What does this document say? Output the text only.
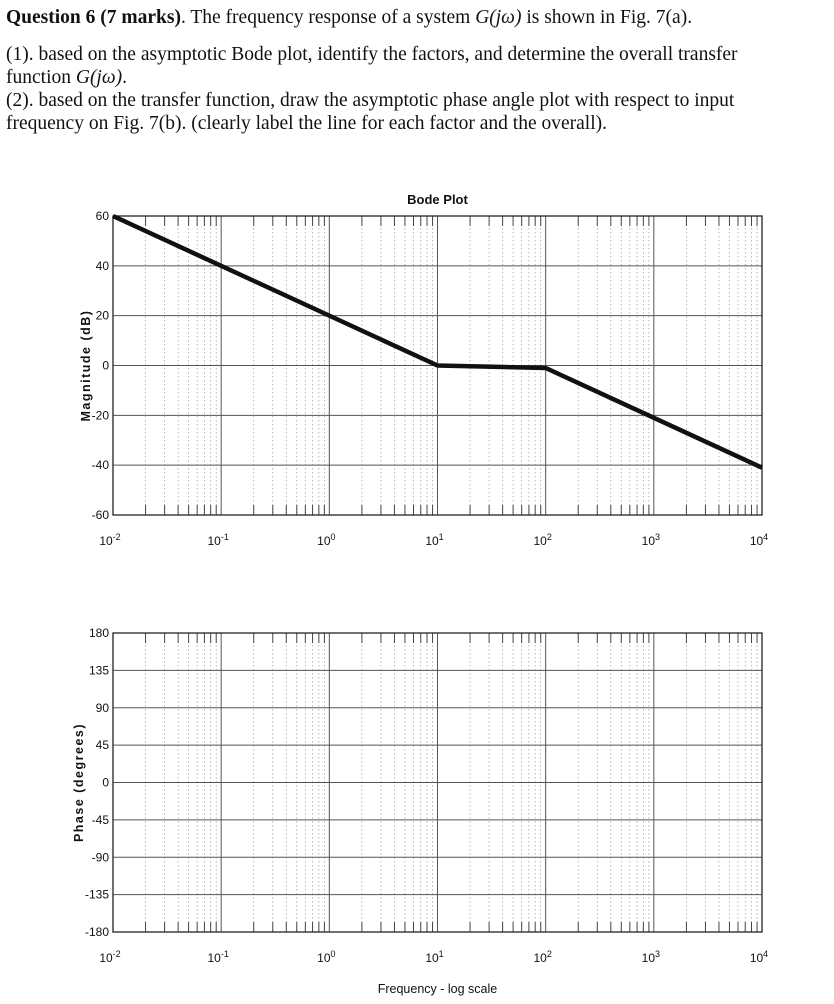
Question 6 (7 marks). The frequency response of a system G(jω) is shown in Fig. 7(a).
(1). based on the asymptotic Bode plot, identify the factors, and determine the overall transfer
function G(jω).
(2). based on the transfer function, draw the asymptotic phase angle plot with respect to input
frequency on Fig. 7(b). (clearly label the line for each factor and the overall).
60
40
20
0
-20
-40
-60
$10^{-2}$	$10^{-1}$	$10^0$	$10^1$	$10^2$	$10^3$	$10^4$
Bode Plot
Magnitude (dB)
180
135
90
45
0
-45
-90
-135
-180
$10^{-2}$	$10^{-1}$	$10^0$	$10^1$	$10^2$	$10^3$	$10^4$
Phase (degrees)
Frequency - log scale
